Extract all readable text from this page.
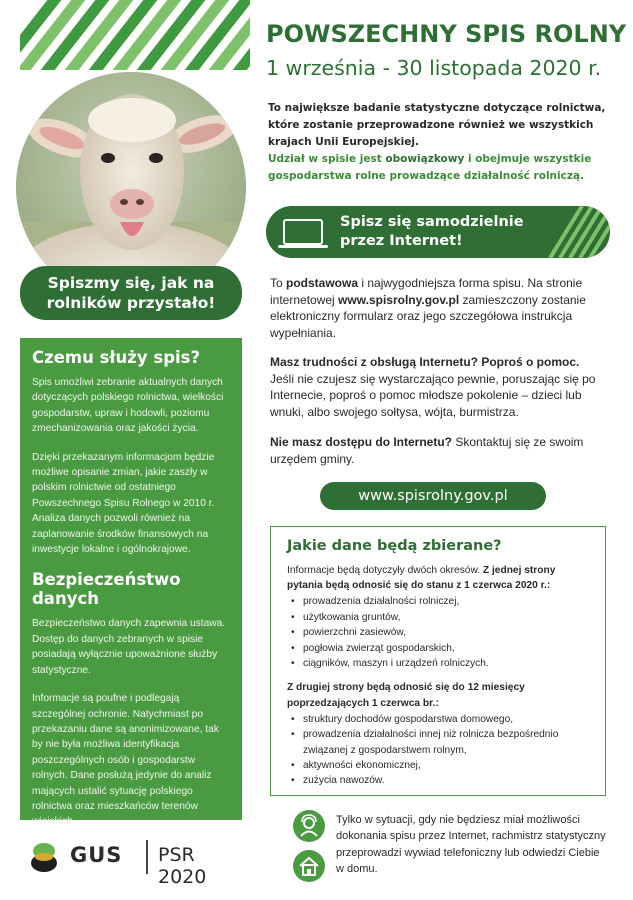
Spiszmy się, jak na
rolników przystało!
Czemu służy spis?

Spis umożliwi zebranie aktualnych danych dotyczących polskiego rolnictwa, wielkości gospodarstw, upraw i hodowli, poziomu zmechanizowania oraz jakości życia.

Dzięki przekazanym informacjom będzie możliwe opisanie zmian, jakie zaszły w polskim rolnictwie od ostatniego Powszechnego Spisu Rolnego w 2010 r. Analiza danych pozwoli również na zaplanowanie środków finansowych na inwestycje lokalne i ogólnokrajowe.

Bezpieczeństwo danych

Bezpieczeństwo danych zapewnia ustawa. Dostęp do danych zebranych w spisie posiadają wyłącznie upoważnione służby statystyczne.

Informacje są poufne i podlegają szczególnej ochronie. Natychmiast po przekazaniu dane są anonimizowane, tak by nie była możliwa identyfikacja poszczególnych osób i gospodarstw rolnych. Dane posłużą jedynie do analiz mających ustalić sytuację polskiego rolnictwa oraz mieszkańców terenów wiejskich.

GUS PSR 2020
POWSZECHNY SPIS ROLNY
1 września - 30 listopada 2020 r.

To największe badanie statystyczne dotyczące rolnictwa, które zostanie przeprowadzone również we wszystkich krajach Unii Europejskiej.

Udział w spisie jest obowiązkowy i obejmuje wszystkie gospodarstwa rolne prowadzące działalność rolniczą.

Spisz się samodzielnie
przez Internet!

To podstawowa i najwygodniejsza forma spisu. Na stronie internetowej www.spisrolny.gov.pl zamieszczony zostanie elektroniczny formularz oraz jego szczegółowa instrukcja wypełniania.

Masz trudności z obsługą Internetu? Poproś o pomoc. Jeśli nie czujesz się wystarczająco pewnie, poruszając się po Internecie, poproś o pomoc młodsze pokolenie – dzieci lub wnuki, albo swojego sołtysa, wójta, burmistrza.

Nie masz dostępu do Internetu? Skontaktuj się ze swoim urzędem gminy.

www.spisrolny.gov.pl
Jakie dane będą zbierane?

Informacje będą dotyczyły dwóch okresów. Z jednej strony pytania będą odnosić się do stanu z 1 czerwca 2020 r.:

• prowadzenia działalności rolniczej,
• użytkowania gruntów,
• powierzchni zasiewów,
• pogłowia zwierząt gospodarskich,
• ciągników, maszyn i urządzeń rolniczych.

Z drugiej strony będą odnosić się do 12 miesięcy poprzedzających 1 czerwca br.:

• struktury dochodów gospodarstwa domowego,
• prowadzenia działalności innej niż rolnicza bezpośrednio związanej z gospodarstwem rolnym,
• aktywności ekonomicznej,
• zużycia nawozów.

Tylko w sytuacji, gdy nie będziesz miał możliwości dokonania spisu przez Internet, rachmistrz statystyczny przeprowadzi wywiad telefoniczny lub odwiedzi Ciebie w domu.
